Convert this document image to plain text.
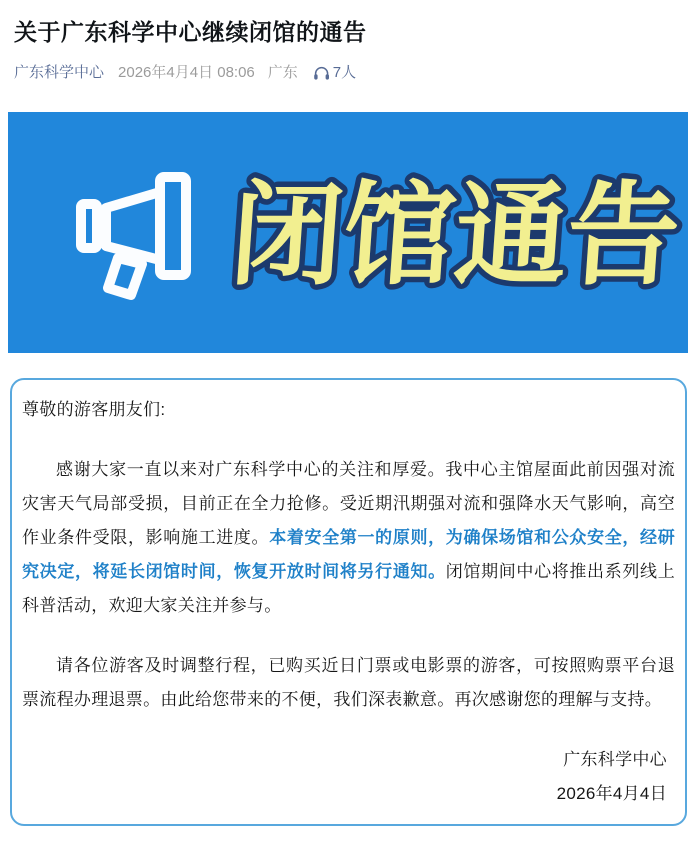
关于广东科学中心继续闭馆的通告
广东科学中心 2026年4月4日 08:06 广东 7人
闭馆通告

尊敬的游客朋友们:

感谢大家一直以来对广东科学中心的关注和厚爱。我中心主馆屋面此前因强对流灾害天气局部受损，目前正在全力抢修。受近期汛期强对流和强降水天气影响，高空作业条件受限，影响施工进度。本着安全第一的原则，为确保场馆和公众安全，经研究决定，将延长闭馆时间，恢复开放时间将另行通知。闭馆期间中心将推出系列线上科普活动，欢迎大家关注并参与。

请各位游客及时调整行程，已购买近日门票或电影票的游客，可按照购票平台退票流程办理退票。由此给您带来的不便，我们深表歉意。再次感谢您的理解与支持。

广东科学中心
2026年4月4日
